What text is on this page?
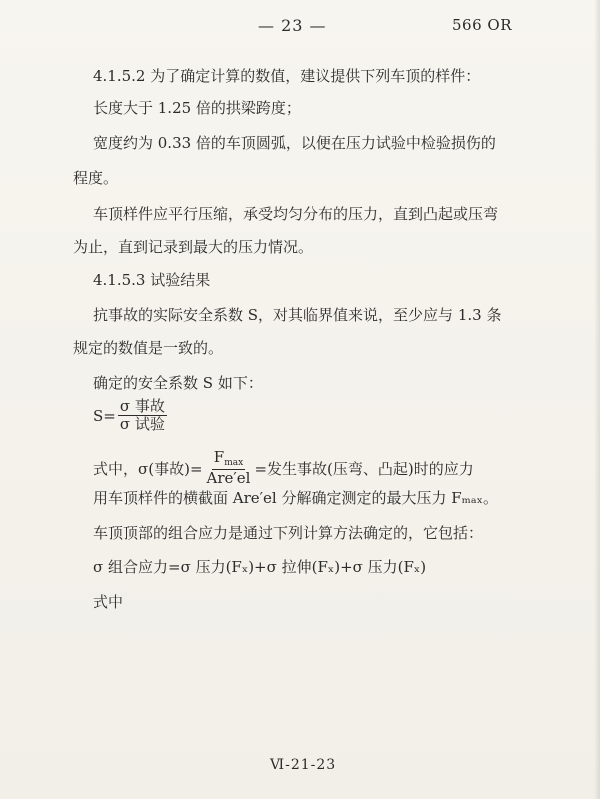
— 23 —	566 OR
4.1.5.2 为了确定计算的数值，建议提供下列车顶的样件：
长度大于 1.25 倍的拱梁跨度；
宽度约为 0.33 倍的车顶圆弧，以便在压力试验中检验损伤的
程度。
车顶样件应平行压缩，承受均匀分布的压力，直到凸起或压弯
为止，直到记录到最大的压力情况。
4.1.5.3 试验结果
抗事故的实际安全系数 S，对其临界值来说，至少应与 1.3 条
规定的数值是一致的。
确定的安全系数 S 如下：
$S= \frac{\text{σ 事故}}{\text{σ 试验}}$
式中，σ(事故)= $\frac{F_{max}}{\text{Are′el}}$ =发生事故(压弯、凸起)时的应力
用车顶样件的横截面 Are′el 分解确定测定的最大压力 Fₘₐₓ。
车顶顶部的组合应力是通过下列计算方法确定的，它包括：
σ 组合应力=σ 压力(Fₓ)+σ 拉伸(Fₓ)+σ 压力(Fₓ)
式中
Ⅵ-21-23
